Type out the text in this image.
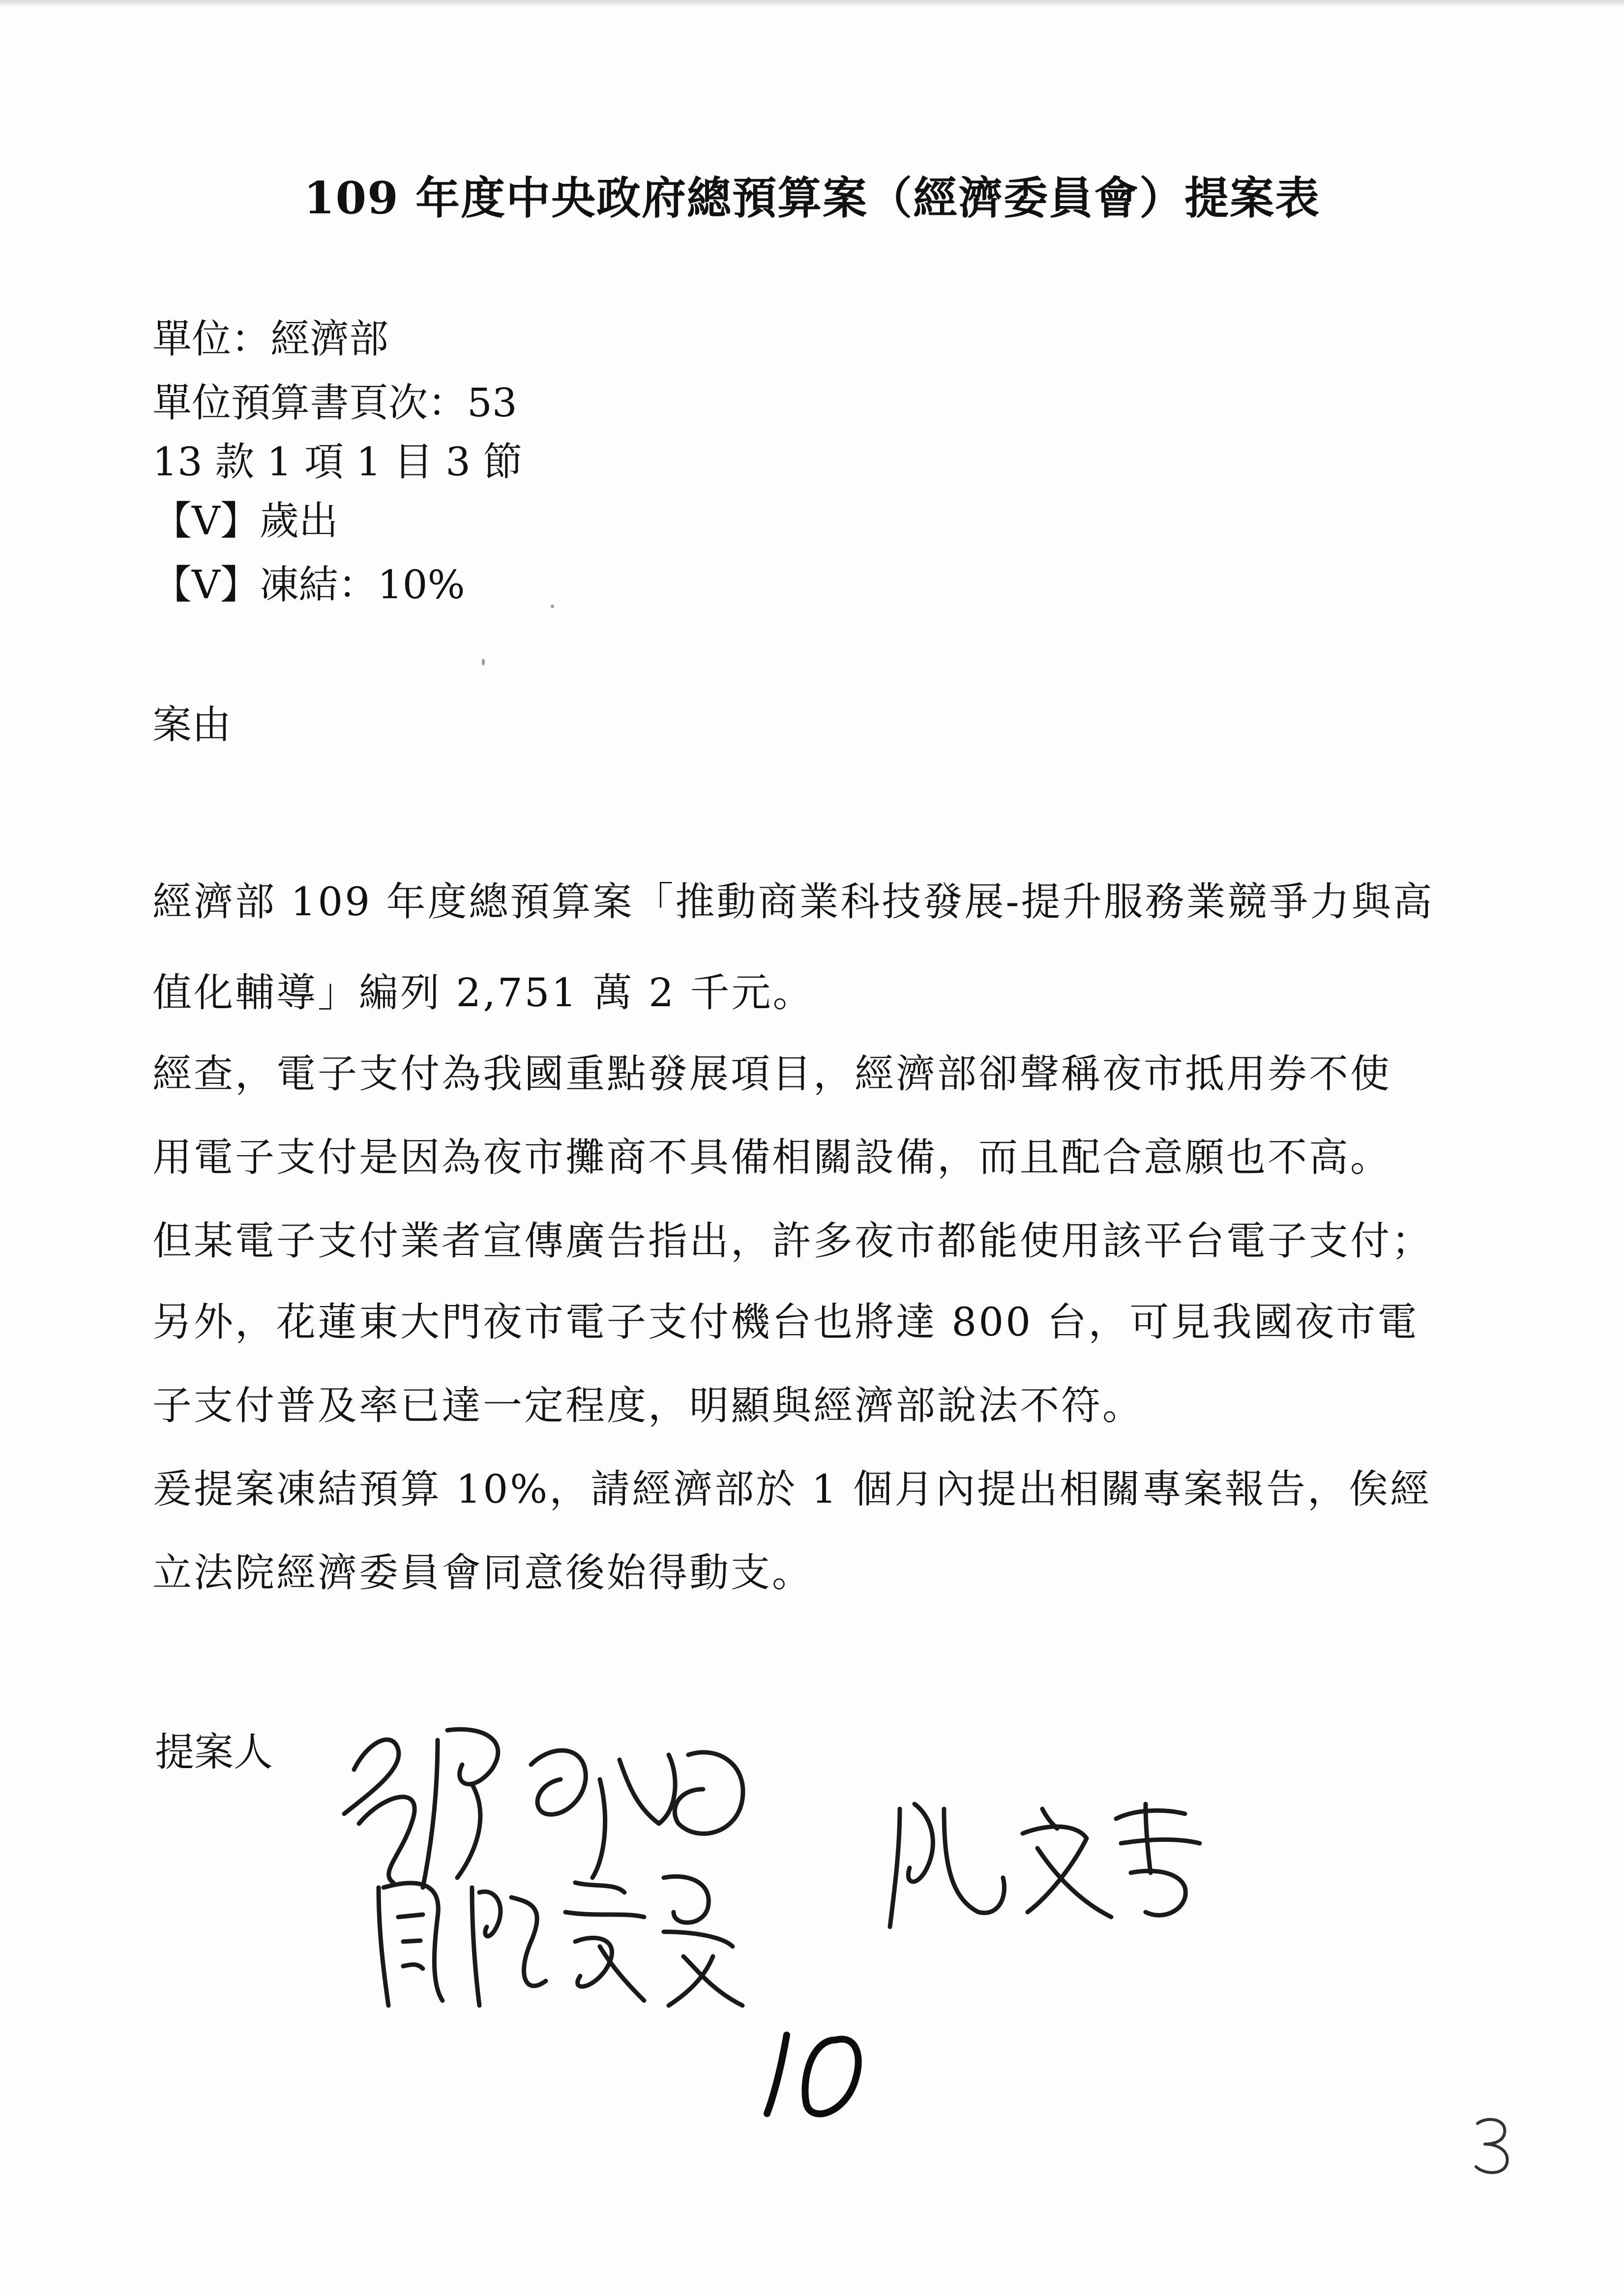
109 年度中央政府總預算案（經濟委員會）提案表
單位：經濟部
單位預算書頁次：53
13 款 1 項 1 目 3 節
【V】歲出
【V】凍結：10%
案由
經濟部 109 年度總預算案「推動商業科技發展-提升服務業競爭力與高
值化輔導」編列 2,751 萬 2 千元。
經查，電子支付為我國重點發展項目，經濟部卻聲稱夜市抵用券不使
用電子支付是因為夜市攤商不具備相關設備，而且配合意願也不高。
但某電子支付業者宣傳廣告指出，許多夜市都能使用該平台電子支付；
另外，花蓮東大門夜市電子支付機台也將達 800 台，可見我國夜市電
子支付普及率已達一定程度，明顯與經濟部說法不符。
爰提案凍結預算 10%，請經濟部於 1 個月內提出相關專案報告，俟經
立法院經濟委員會同意後始得動支。
提案人
